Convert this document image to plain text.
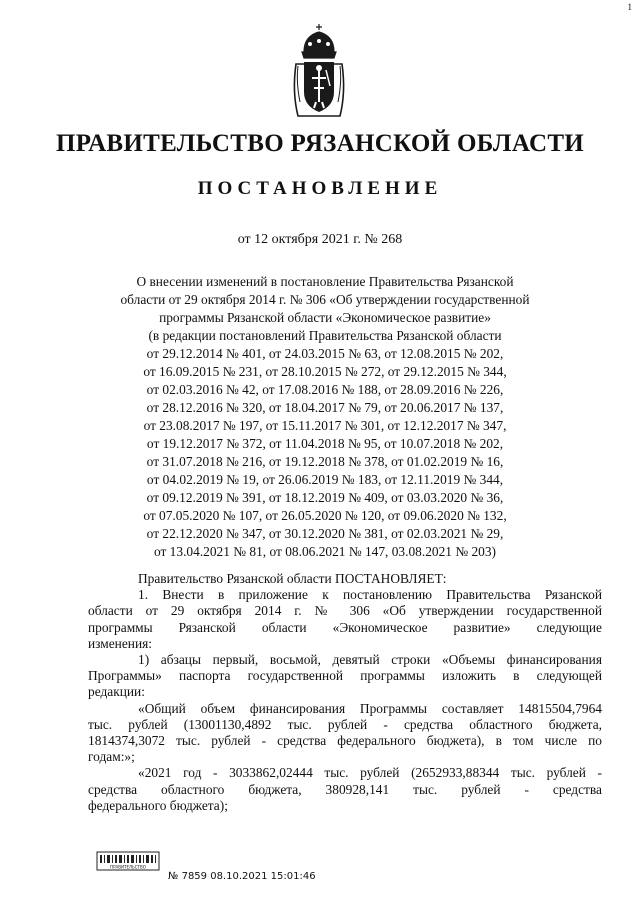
1
ПРАВИТЕЛЬСТВО РЯЗАНСКОЙ ОБЛАСТИ
ПОСТАНОВЛЕНИЕ
от 12 октября 2021 г. № 268
О внесении изменений в постановление Правительства Рязанской
области от 29 октября 2014 г. № 306 «Об утверждении государственной
программы Рязанской области «Экономическое развитие»
(в редакции постановлений Правительства Рязанской области
от 29.12.2014 № 401, от 24.03.2015 № 63, от 12.08.2015 № 202,
от 16.09.2015 № 231, от 28.10.2015 № 272, от 29.12.2015 № 344,
от 02.03.2016 № 42, от 17.08.2016 № 188, от 28.09.2016 № 226,
от 28.12.2016 № 320, от 18.04.2017 № 79, от 20.06.2017 № 137,
от 23.08.2017 № 197, от 15.11.2017 № 301, от 12.12.2017 № 347,
от 19.12.2017 № 372, от 11.04.2018 № 95, от 10.07.2018 № 202,
от 31.07.2018 № 216, от 19.12.2018 № 378, от 01.02.2019 № 16,
от 04.02.2019 № 19, от 26.06.2019 № 183, от 12.11.2019 № 344,
от 09.12.2019 № 391, от 18.12.2019 № 409, от 03.03.2020 № 36,
от 07.05.2020 № 107, от 26.05.2020 № 120, от 09.06.2020 № 132,
от 22.12.2020 № 347, от 30.12.2020 № 381, от 02.03.2021 № 29,
от 13.04.2021 № 81, от 08.06.2021 № 147, 03.08.2021 № 203)
Правительство Рязанской области ПОСТАНОВЛЯЕТ:
1. Внести в приложение к постановлению Правительства Рязанской
области от 29 октября 2014 г. № 306 «Об утверждении государственной
программы Рязанской области «Экономическое развитие» следующие
изменения:
1) абзацы первый, восьмой, девятый строки «Объемы финансирования
Программы» паспорта государственной программы изложить в следующей
редакции:
«Общий объем финансирования Программы составляет 14815504,7964
тыс. рублей (13001130,4892 тыс. рублей - средства областного бюджета,
1814374,3072 тыс. рублей - средства федерального бюджета), в том числе по
годам:»;
«2021 год - 3033862,02444 тыс. рублей (2652933,88344 тыс. рублей -
средства областного бюджета, 380928,141 тыс. рублей - средства
федерального бюджета);
ПРАВИТЕЛЬСТВО
№ 7859 08.10.2021 15:01:46
